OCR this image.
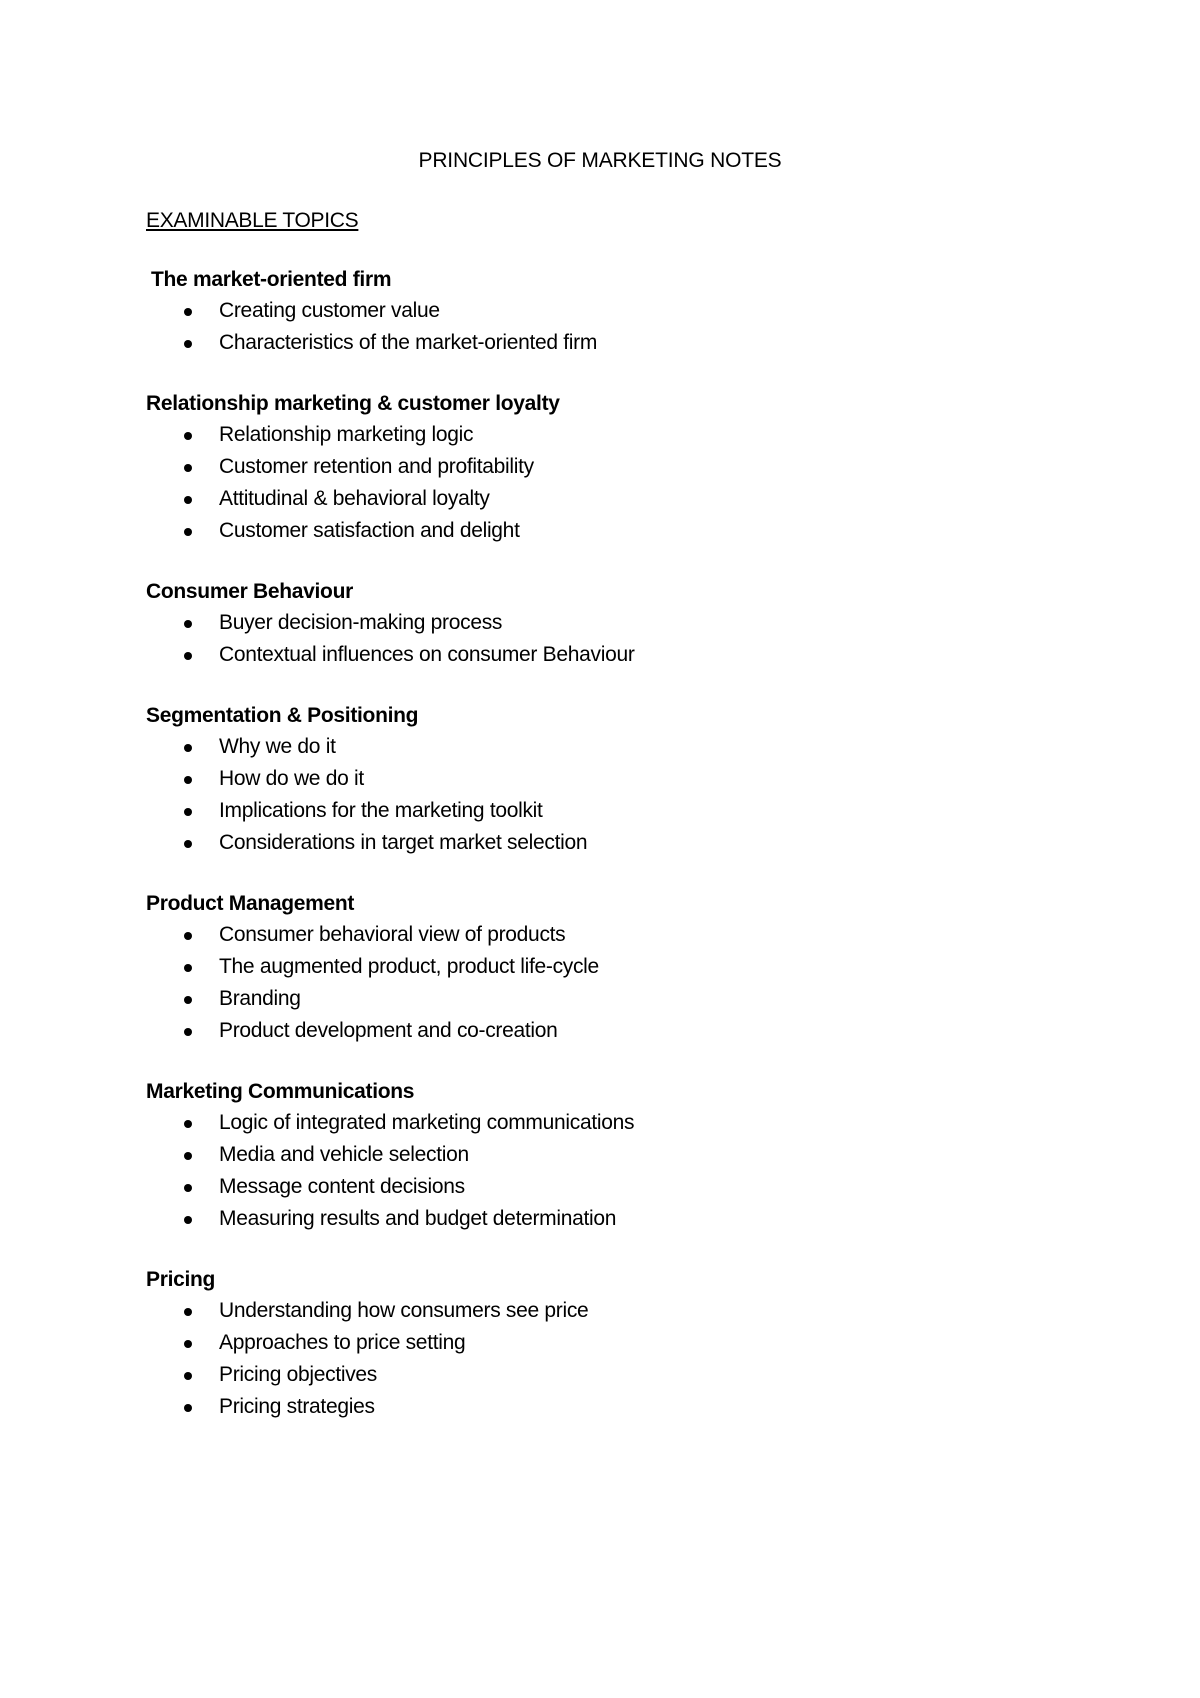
PRINCIPLES OF MARKETING NOTES
EXAMINABLE TOPICS
The market-oriented firm
Creating customer value
Characteristics of the market-oriented firm
Relationship marketing & customer loyalty
Relationship marketing logic
Customer retention and profitability
Attitudinal & behavioral loyalty
Customer satisfaction and delight
Consumer Behaviour
Buyer decision-making process
Contextual influences on consumer Behaviour
Segmentation & Positioning
Why we do it
How do we do it
Implications for the marketing toolkit
Considerations in target market selection
Product Management
Consumer behavioral view of products
The augmented product, product life-cycle
Branding
Product development and co-creation
Marketing Communications
Logic of integrated marketing communications
Media and vehicle selection
Message content decisions
Measuring results and budget determination
Pricing
Understanding how consumers see price
Approaches to price setting
Pricing objectives
Pricing strategies
